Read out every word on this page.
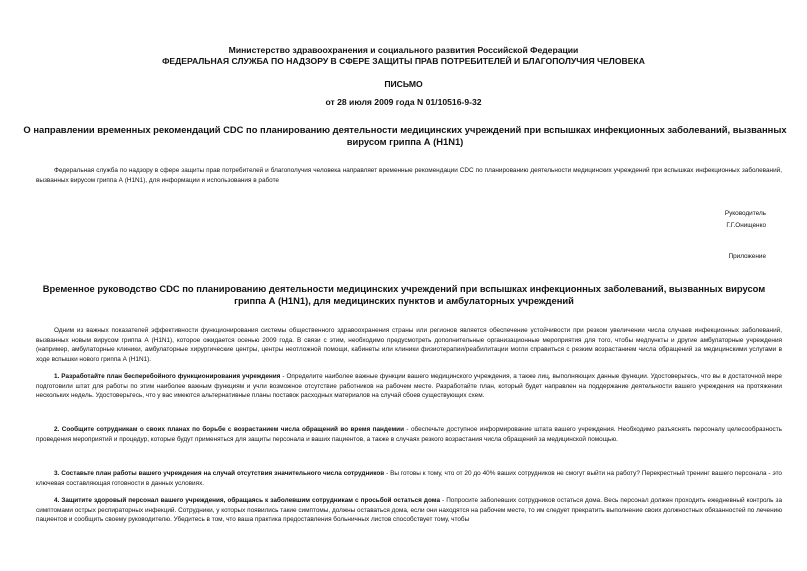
Министерство здравоохранения и социального развития Российской Федерации
ФЕДЕРАЛЬНАЯ СЛУЖБА ПО НАДЗОРУ В СФЕРЕ ЗАЩИТЫ ПРАВ ПОТРЕБИТЕЛЕЙ И БЛАГОПОЛУЧИЯ ЧЕЛОВЕКА
ПИСЬМО
от 28 июля 2009 года N 01/10516-9-32
О направлении временных рекомендаций CDC по планированию деятельности медицинских учреждений при вспышках инфекционных заболеваний, вызванных вирусом гриппа А (H1N1)

Федеральная служба по надзору в сфере защиты прав потребителей и благополучия человека направляет временные рекомендации CDC по планированию деятельности медицинских учреждений при вспышках инфекционных заболеваний, вызванных вирусом гриппа А (H1N1), для информации и использования в работе

Руководитель
Г.Г.Онищенко
Приложение
Временное руководство CDC по планированию деятельности медицинских учреждений при вспышках инфекционных заболеваний, вызванных вирусом гриппа А (H1N1), для медицинских пунктов и амбулаторных учреждений

Одним из важных показателей эффективности функционирования системы общественного здравоохранения страны или регионов является обеспечение устойчивости при резком увеличении числа случаев инфекционных заболеваний, вызванных новым вирусом гриппа А (H1N1), которое ожидается осенью 2009 года. В связи с этим, необходимо предусмотреть дополнительные организационные мероприятия для того, чтобы медпункты и другие амбулаторные учреждения (например, амбулаторные клиники, амбулаторные хирургические центры, центры неотложной помощи, кабинеты или клиники физиотерапии/реабилитации могли справиться с резким возрастанием числа обращений за медицинскими услугами в ходе вспышки нового гриппа А (H1N1).

1. Разработайте план бесперебойного функционирования учреждения - Определите наиболее важные функции вашего медицинского учреждения, а также лиц, выполняющих данные функции. Удостоверьтесь, что вы в достаточной мере подготовили штат для работы по этим наиболее важным функциям и учли возможное отсутствие работников на рабочем месте. Разработайте план, который будет направлен на поддержание деятельности вашего учреждения на протяжении нескольких недель. Удостоверьтесь, что у вас имеются альтернативные планы поставок расходных материалов на случай сбоев существующих схем.

2. Сообщите сотрудникам о своих планах по борьбе с возрастанием числа обращений во время пандемии - обеспечьте доступное информирование штата вашего учреждения. Необходимо разъяснять персоналу целесообразность проведения мероприятий и процедур, которые будут применяться для защиты персонала и ваших пациентов, а также в случаях резкого возрастания числа обращений за медицинской помощью.

3. Составьте план работы вашего учреждения на случай отсутствия значительного числа сотрудников - Вы готовы к тому, что от 20 до 40% ваших сотрудников не смогут выйти на работу? Перекрестный тренинг вашего персонала - это ключевая составляющая готовности в данных условиях.

4. Защитите здоровый персонал вашего учреждения, обращаясь к заболевшим сотрудникам с просьбой остаться дома - Попросите заболевших сотрудников остаться дома. Весь персонал должен проходить ежедневный контроль за симптомами острых респираторных инфекций. Сотрудники, у которых появились такие симптомы, должны оставаться дома, если они находятся на рабочем месте, то им следует прекратить выполнение своих должностных обязанностей по лечению пациентов и сообщить своему руководителю. Убедитесь в том, что ваша практика предоставления больничных листов способствует тому, чтобы
